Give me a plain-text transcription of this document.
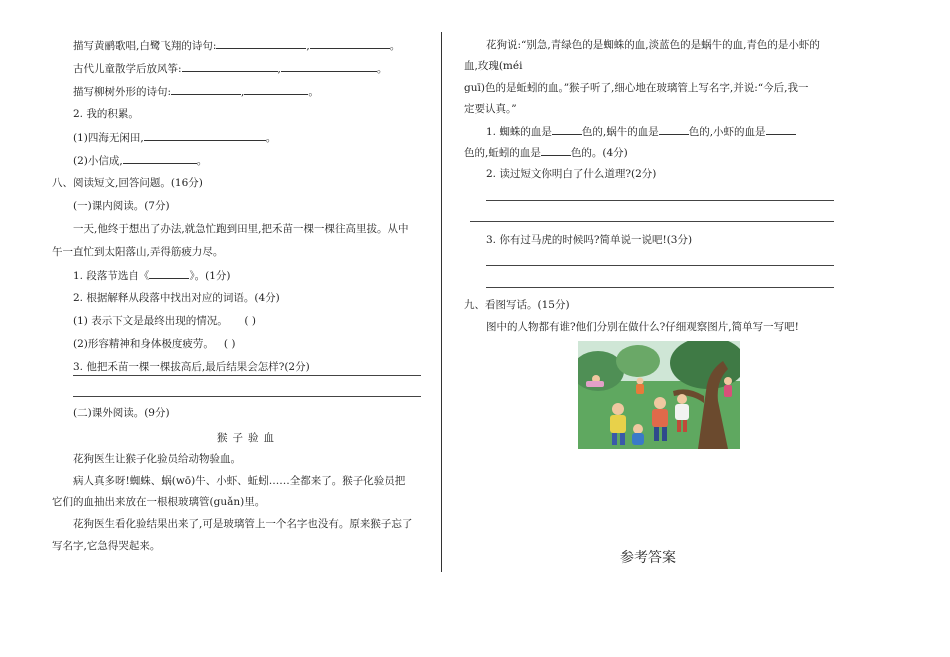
描写黄鹂歌唱,白鹭飞翔的诗句:	,	。
古代儿童散学后放风筝:	,	。
描写柳树外形的诗句:	,	。
2. 我的积累。
(1)四海无闲田,	。
(2)小信成,	。
八、阅读短文,回答问题。(16分)
(一)课内阅读。(7分)
一天,他终于想出了办法,就急忙跑到田里,把禾苗一棵一棵往高里拔。从中
午一直忙到太阳落山,弄得筋疲力尽。
1. 段落节选自《	》。(1分)
2. 根据解释从段落中找出对应的词语。(4分)
(1) 表示下文是最终出现的情况。 ( )
(2)形容精神和身体极度疲劳。 ( )
3. 他把禾苗一棵一棵拔高后,最后结果会怎样?(2分)
(二)课外阅读。(9分)
猴子验血
花狗医生让猴子化验员给动物验血。
病人真多呀!蜘蛛、蜗(wō)牛、小虾、蚯蚓……全都来了。猴子化验员把
它们的血抽出来放在一根根玻璃管(guǎn)里。
花狗医生看化验结果出来了,可是玻璃管上一个名字也没有。原来猴子忘了
写名字,它急得哭起来。
花狗说:“别急,青绿色的是蜘蛛的血,淡蓝色的是蜗牛的血,青色的是小虾的
血,玫瑰(méi
guī)色的是蚯蚓的血。”猴子听了,细心地在玻璃管上写名字,并说:“今后,我一
定要认真。”
1. 蜘蛛的血是	色的,蜗牛的血是	色的,小虾的血是
色的,蚯蚓的血是	色的。(4分)
2. 读过短文你明白了什么道理?(2分)
3. 你有过马虎的时候吗?简单说一说吧!(3分)
九、看图写话。(15分)
图中的人物都有谁?他们分别在做什么?仔细观察图片,简单写一写吧!
参考答案
